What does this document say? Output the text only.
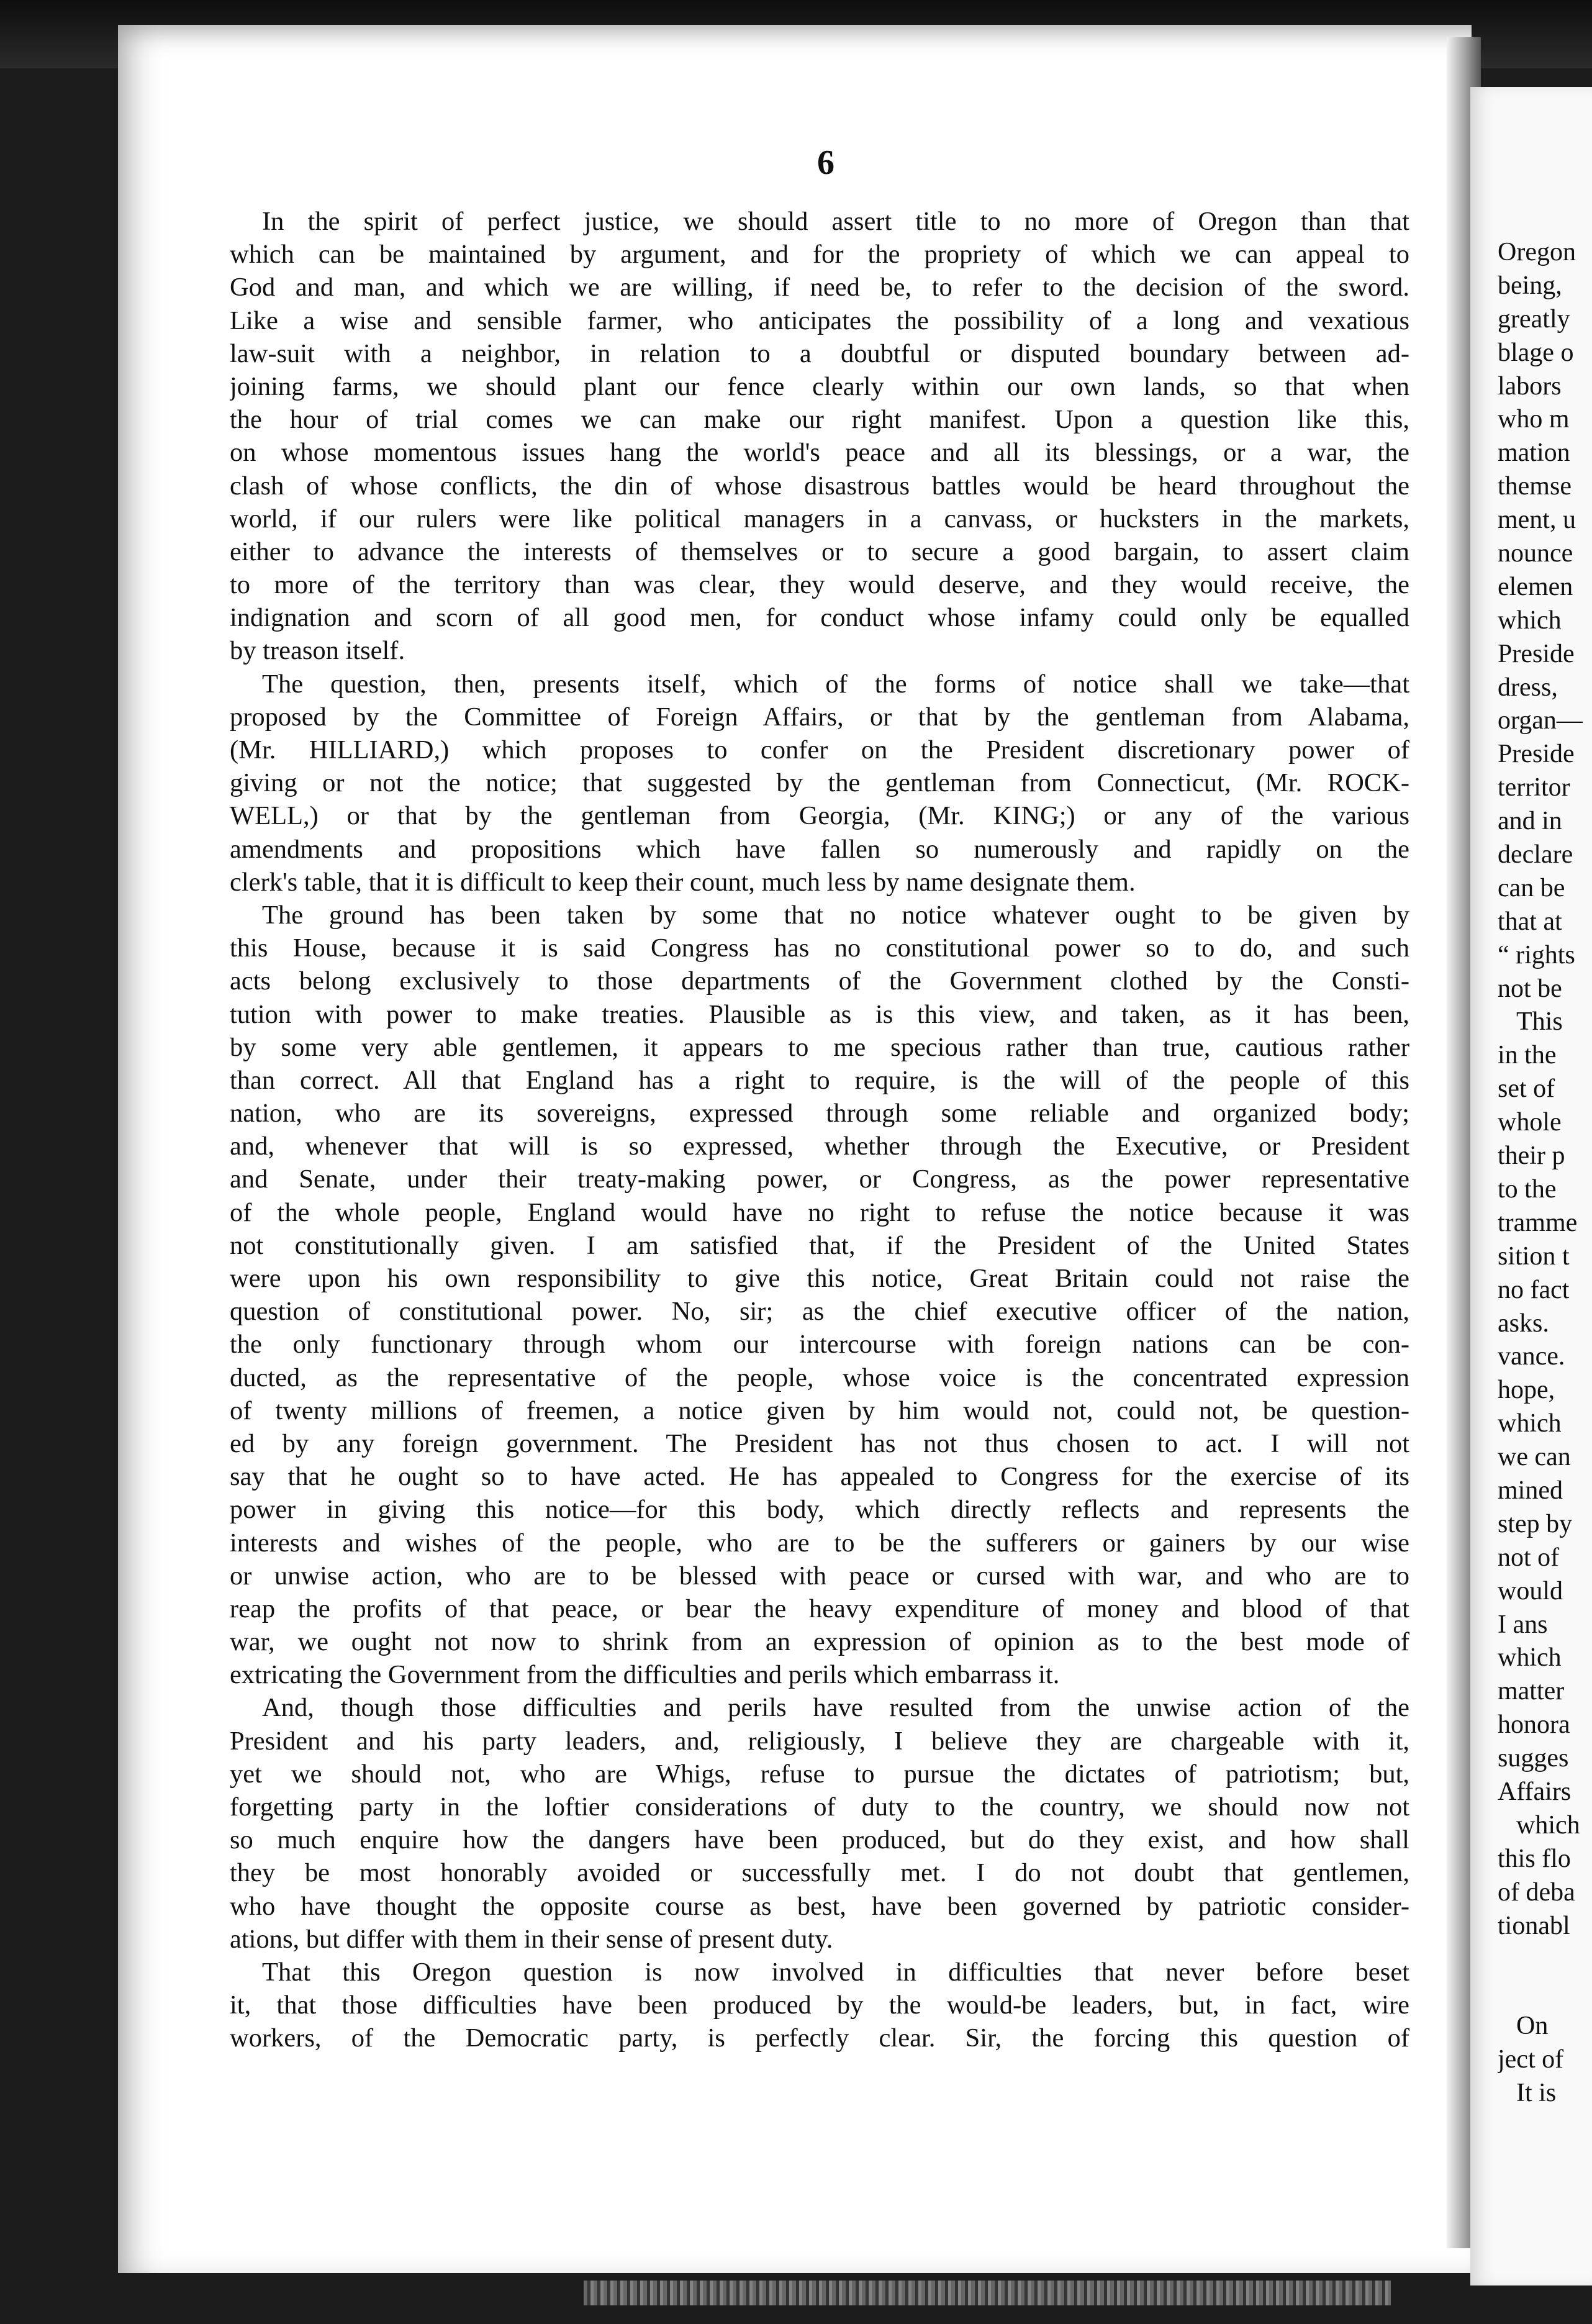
6
In the spirit of perfect justice, we should assert title to no more of Oregon than that
which can be maintained by argument, and for the propriety of which we can appeal to
God and man, and which we are willing, if need be, to refer to the decision of the sword.
Like a wise and sensible farmer, who anticipates the possibility of a long and vexatious
law-suit with a neighbor, in relation to a doubtful or disputed boundary between ad-
joining farms, we should plant our fence clearly within our own lands, so that when
the hour of trial comes we can make our right manifest. Upon a question like this,
on whose momentous issues hang the world's peace and all its blessings, or a war, the
clash of whose conflicts, the din of whose disastrous battles would be heard throughout the
world, if our rulers were like political managers in a canvass, or hucksters in the markets,
either to advance the interests of themselves or to secure a good bargain, to assert claim
to more of the territory than was clear, they would deserve, and they would receive, the
indignation and scorn of all good men, for conduct whose infamy could only be equalled
by treason itself.
The question, then, presents itself, which of the forms of notice shall we take—that
proposed by the Committee of Foreign Affairs, or that by the gentleman from Alabama,
(Mr. HILLIARD,) which proposes to confer on the President discretionary power of
giving or not the notice; that suggested by the gentleman from Connecticut, (Mr. ROCK-
WELL,) or that by the gentleman from Georgia, (Mr. KING;) or any of the various
amendments and propositions which have fallen so numerously and rapidly on the
clerk's table, that it is difficult to keep their count, much less by name designate them.
The ground has been taken by some that no notice whatever ought to be given by
this House, because it is said Congress has no constitutional power so to do, and such
acts belong exclusively to those departments of the Government clothed by the Consti-
tution with power to make treaties. Plausible as is this view, and taken, as it has been,
by some very able gentlemen, it appears to me specious rather than true, cautious rather
than correct. All that England has a right to require, is the will of the people of this
nation, who are its sovereigns, expressed through some reliable and organized body;
and, whenever that will is so expressed, whether through the Executive, or President
and Senate, under their treaty-making power, or Congress, as the power representative
of the whole people, England would have no right to refuse the notice because it was
not constitutionally given. I am satisfied that, if the President of the United States
were upon his own responsibility to give this notice, Great Britain could not raise the
question of constitutional power. No, sir; as the chief executive officer of the nation,
the only functionary through whom our intercourse with foreign nations can be con-
ducted, as the representative of the people, whose voice is the concentrated expression
of twenty millions of freemen, a notice given by him would not, could not, be question-
ed by any foreign government. The President has not thus chosen to act. I will not
say that he ought so to have acted. He has appealed to Congress for the exercise of its
power in giving this notice—for this body, which directly reflects and represents the
interests and wishes of the people, who are to be the sufferers or gainers by our wise
or unwise action, who are to be blessed with peace or cursed with war, and who are to
reap the profits of that peace, or bear the heavy expenditure of money and blood of that
war, we ought not now to shrink from an expression of opinion as to the best mode of
extricating the Government from the difficulties and perils which embarrass it.
And, though those difficulties and perils have resulted from the unwise action of the
President and his party leaders, and, religiously, I believe they are chargeable with it,
yet we should not, who are Whigs, refuse to pursue the dictates of patriotism; but,
forgetting party in the loftier considerations of duty to the country, we should now not
so much enquire how the dangers have been produced, but do they exist, and how shall
they be most honorably avoided or successfully met. I do not doubt that gentlemen,
who have thought the opposite course as best, have been governed by patriotic consider-
ations, but differ with them in their sense of present duty.
That this Oregon question is now involved in difficulties that never before beset
it, that those difficulties have been produced by the would-be leaders, but, in fact, wire
workers, of the Democratic party, is perfectly clear. Sir, the forcing this question of
Oregon
being,
greatly
blage o
labors
who m
mation
themse
ment, u
nounce
elemen
which
Preside
dress,
organ—
Preside
territor
and in
declare
can be
that at
“ rights
not be
This
in the
set of
whole
their p
to the
tramme
sition t
no fact
asks.
vance.
hope,
which
we can
mined
step by
not of
would
I ans
which
matter
honora
sugges
Affairs
which
this flo
of deba
tionabl
On
ject of
It is
